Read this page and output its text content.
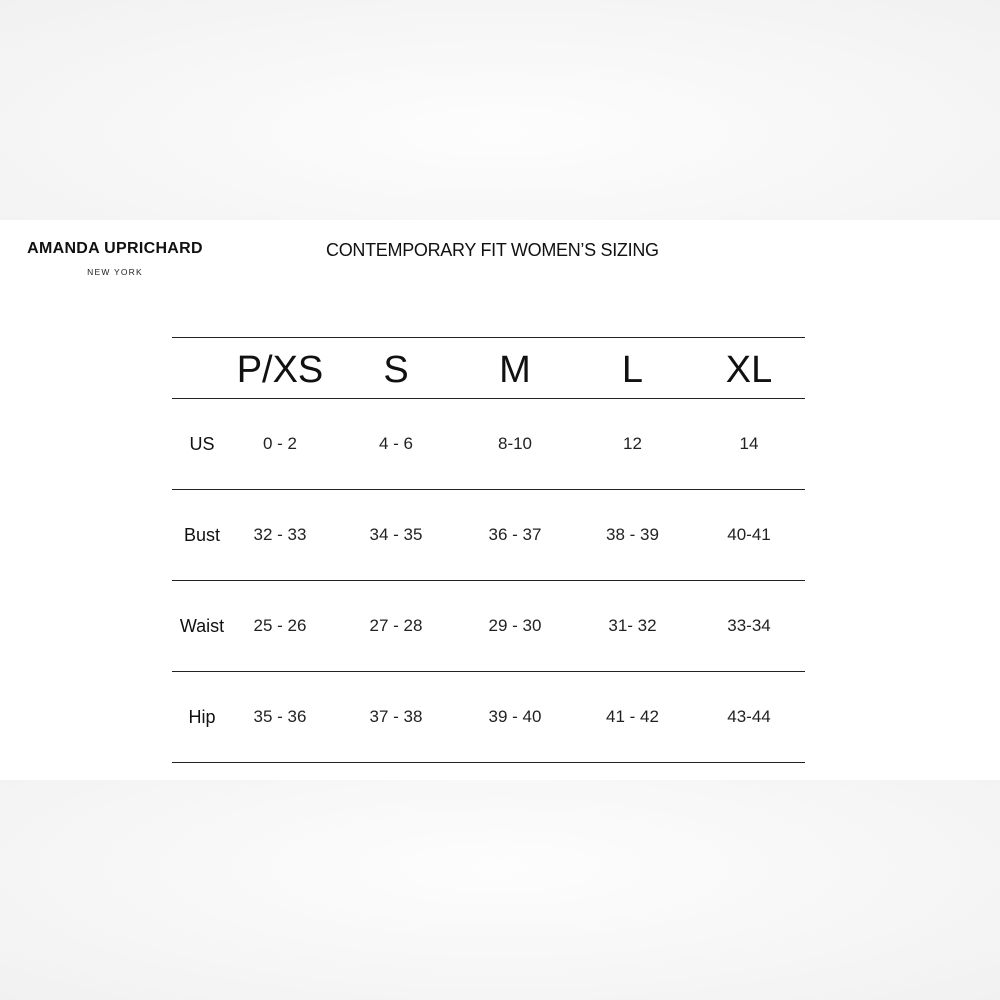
AMANDA UPRICHARD
NEW YORK
CONTEMPORARY FIT WOMEN’S SIZING
	P/XS	S	M	L	XL
US	0 - 2	4 - 6	8-10	12	14
Bust	32 - 33	34 - 35	36 - 37	38 - 39	40-41
Waist	25 - 26	27 - 28	29 - 30	31- 32	33-34
Hip	35 - 36	37 - 38	39 - 40	41 - 42	43-44
